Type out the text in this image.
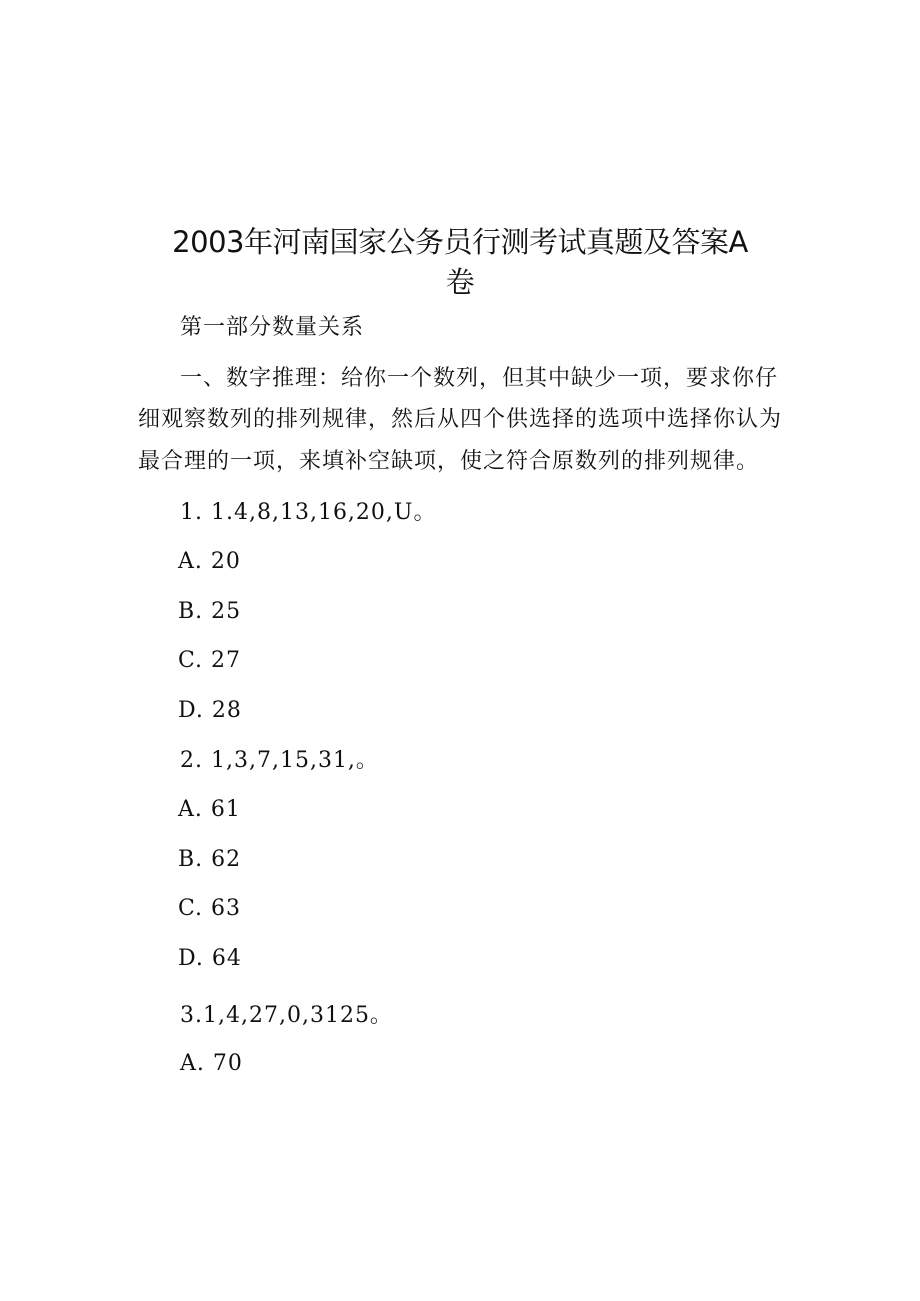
2003年河南国家公务员行测考试真题及答案A
卷

第一部分数量关系

一、数字推理：给你一个数列，但其中缺少一项，要求你仔

细观察数列的排列规律，然后从四个供选择的选项中选择你认为

最合理的一项，来填补空缺项，使之符合原数列的排列规律。

1. 1.4,8,13,16,20,U。

A. 20

B. 25

C. 27

D. 28

2. 1,3,7,15,31,。

A. 61

B. 62

C. 63

D. 64

3.1,4,27,0,3125。

A. 70
